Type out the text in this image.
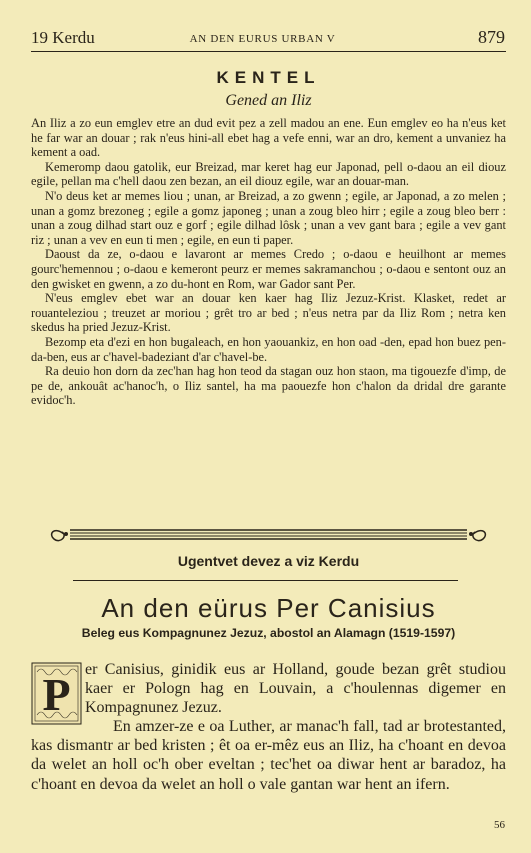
19 Kerdu	AN DEN EURUS URBAN V	879
KENTEL
Gened an Iliz

An Iliz a zo eun emglev etre an dud evit pez a zell madou an ene. Eun emglev eo ha n'eus ket he far war an douar ; rak n'eus hini-all ebet hag a vefe enni, war an dro, kement a unvaniez ha kement a oad.

Kemeromp daou gatolik, eur Breizad, mar keret hag eur Japonad, pell o-daou an eil diouz egile, pellan ma c'hell daou zen bezan, an eil diouz egile, war an douar-man.

N'o deus ket ar memes liou ; unan, ar Breizad, a zo gwenn ; egile, ar Japonad, a zo melen ; unan a gomz brezoneg ; egile a gomz japoneg ; unan a zoug bleo hirr ; egile a zoug bleo berr : unan a zoug dilhad start ouz e gorf ; egile dilhad lôsk ; unan a vev gant bara ; egile a vev gant riz ; unan a vev en eun ti men ; egile, en eun ti paper.

Daoust da ze, o-daou e lavaront ar memes Credo ; o-daou e heuilhont ar memes gourc'hemennou ; o-daou e kemeront peurz er memes sakramanchou ; o-daou e sentont ouz an den gwisket en gwenn, a zo du-hont en Rom, war Gador sant Per.

N'eus emglev ebet war an douar ken kaer hag Iliz Jezuz-Krist. Klasket, redet ar rouanteleziou ; treuzet ar moriou ; grêt tro ar bed ; n'eus netra par da Iliz Rom ; netra ken skedus ha pried Jezuz-Krist.

Bezomp eta d'ezi en hon bugaleach, en hon yaouankiz, en hon oad -den, epad hon buez pen-da-ben, eus ar c'havel-badeziant d'ar c'havel-be.

Ra deuio hon dorn da zec'han hag hon teod da stagan ouz hon staon, ma tigouezfe d'imp, de pe de, ankouât ac'hanoc'h, o Iliz santel, ha ma paouezfe hon c'halon da dridal dre garante evidoc'h.

Ugentvet devez a viz Kerdu
An den eürus Per Canisius
Beleg eus Kompagnunez Jezuz, abostol an Alamagn (1519-1597)
P er Canisius, ginidik eus ar Holland, goude bezan grêt studiou kaer er Pologn hag en Louvain, a c'houlennas digemer en Kompagnunez Jezuz.

En amzer-ze e oa Luther, ar manac'h fall, tad ar brotestanted, kas dismantr ar bed kristen ; êt oa er-mêz eus an Iliz, ha c'hoant en devoa da welet an holl oc'h ober eveltan ; tec'het oa diwar hent ar baradoz, ha c'hoant en devoa da welet an holl o vale gantan war hent an ifern.

56
